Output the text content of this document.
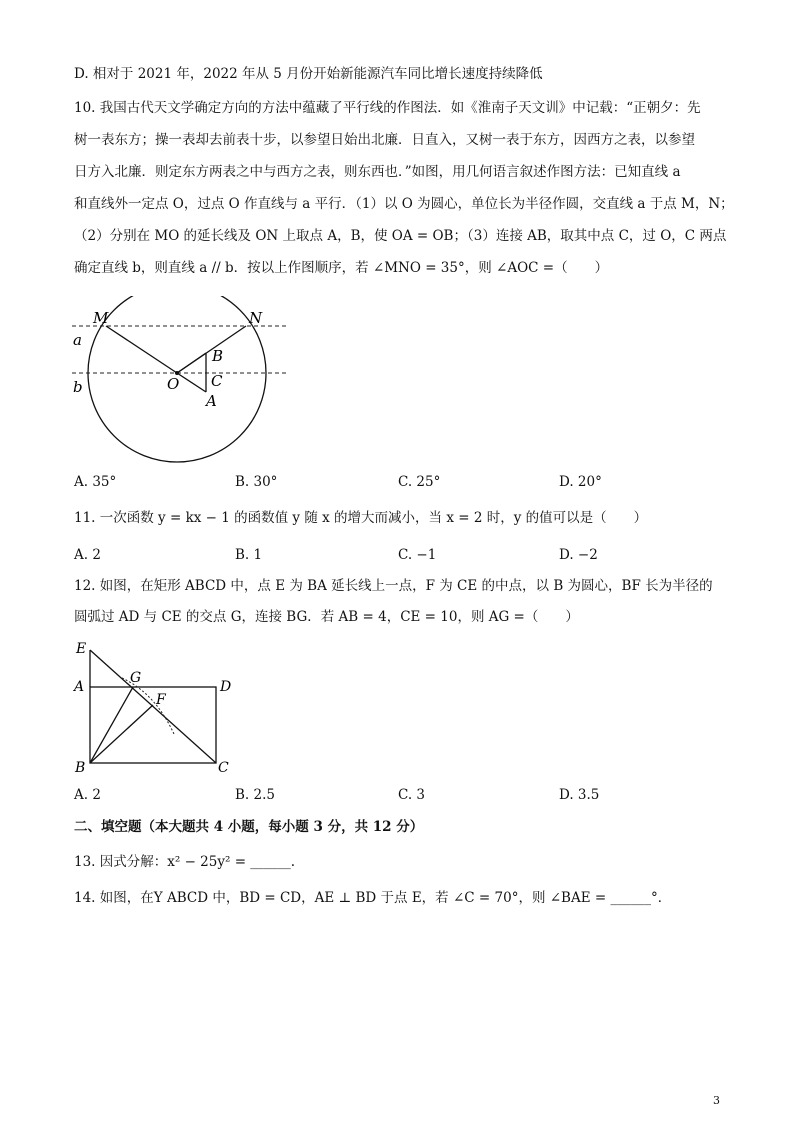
D. 相对于 2021 年，2022 年从 5 月份开始新能源汽车同比增长速度持续降低
10. 我国古代天文学确定方向的方法中蕴藏了平行线的作图法．如《淮南子天文训》中记载：“正朝夕：先
树一表东方；操一表却去前表十步，以参望日始出北廉．日直入，又树一表于东方，因西方之表，以参望
日方入北廉．则定东方两表之中与西方之表，则东西也．”如图，用几何语言叙述作图方法：已知直线 a
和直线外一定点 O，过点 O 作直线与 a 平行．（1）以 O 为圆心，单位长为半径作圆，交直线 a 于点 M，N；
（2）分别在 MO 的延长线及 ON 上取点 A，B，使 OA = OB；（3）连接 AB，取其中点 C，过 O，C 两点
确定直线 b，则直线 a // b．按以上作图顺序，若 ∠MNO = 35°，则 ∠AOC =（　　）
M	N
a
b	O
B
C
A
A. 35°	B. 30°	C. 25°	D. 20°
11. 一次函数 y = kx − 1 的函数值 y 随 x 的增大而减小，当 x = 2 时，y 的值可以是（　　）
A. 2	B. 1	C. −1	D. −2
12. 如图，在矩形 ABCD 中，点 E 为 BA 延长线上一点，F 为 CE 的中点，以 B 为圆心，BF 长为半径的
圆弧过 AD 与 CE 的交点 G，连接 BG．若 AB = 4，CE = 10，则 AG =（　　）
E
A
G
D
F
B	C
A. 2	B. 2.5	C. 3	D. 3.5
二、填空题（本大题共 4 小题，每小题 3 分，共 12 分）
13. 因式分解：x² − 25y² = ______.
14. 如图，在Y ABCD 中，BD = CD，AE ⊥ BD 于点 E，若 ∠C = 70°，则 ∠BAE = ______°．
3
